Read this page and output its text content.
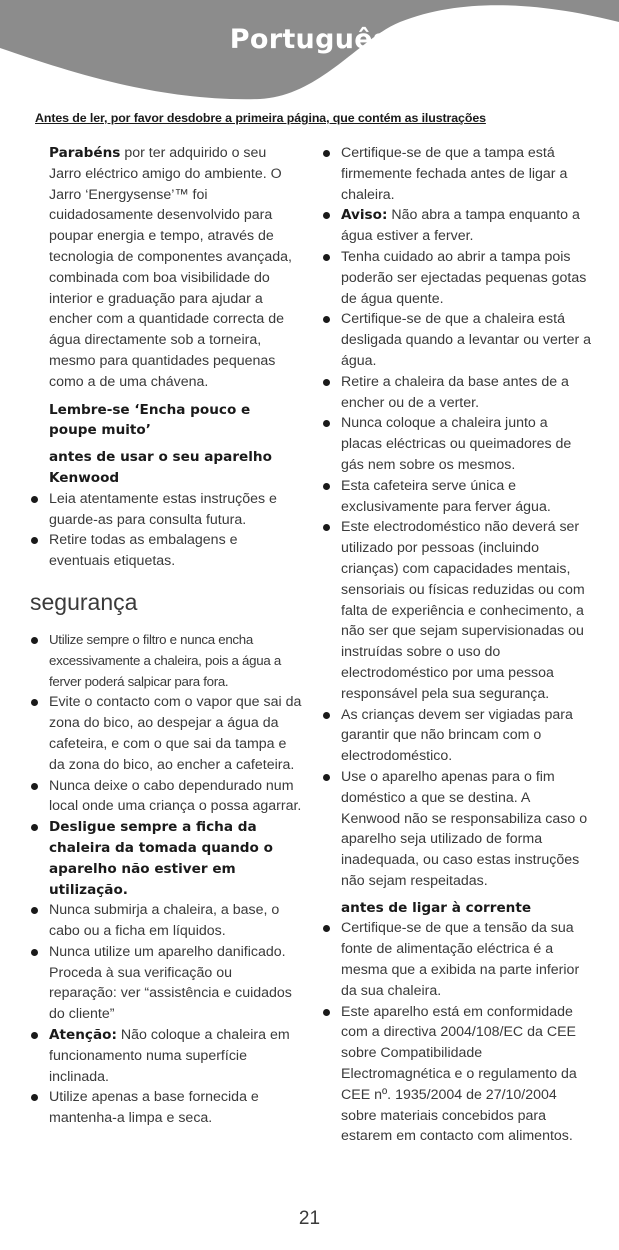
Português
Antes de ler, por favor desdobre a primeira página, que contém as ilustrações

Parabéns por ter adquirido o seu Jarro eléctrico amigo do ambiente. O Jarro ‘Energysense’™ foi cuidadosamente desenvolvido para poupar energia e tempo, através de tecnologia de componentes avançada, combinada com boa visibilidade do interior e graduação para ajudar a encher com a quantidade correcta de água directamente sob a torneira, mesmo para quantidades pequenas como a de uma chávena.

Lembre-se ‘Encha pouco e poupe muito’
antes de usar o seu aparelho Kenwood
Leia atentamente estas instruções e guarde-as para consulta futura.
Retire todas as embalagens e eventuais etiquetas.
segurança
Utilize sempre o filtro e nunca encha excessivamente a chaleira, pois a água a ferver poderá salpicar para fora.
Evite o contacto com o vapor que sai da zona do bico, ao despejar a água da cafeteira, e com o que sai da tampa e da zona do bico, ao encher a cafeteira.
Nunca deixe o cabo dependurado num local onde uma criança o possa agarrar.
Desligue sempre a ficha da chaleira da tomada quando o aparelho não estiver em utilização.
Nunca submirja a chaleira, a base, o cabo ou a ficha em líquidos.
Nunca utilize um aparelho danificado. Proceda à sua verificação ou reparação: ver “assistência e cuidados do cliente”
Atenção: Não coloque a chaleira em funcionamento numa superfície inclinada.
Utilize apenas a base fornecida e mantenha-a limpa e seca.
Certifique-se de que a tampa está firmemente fechada antes de ligar a chaleira.
Aviso: Não abra a tampa enquanto a água estiver a ferver.
Tenha cuidado ao abrir a tampa pois poderão ser ejectadas pequenas gotas de água quente.
Certifique-se de que a chaleira está desligada quando a levantar ou verter a água.
Retire a chaleira da base antes de a encher ou de a verter.
Nunca coloque a chaleira junto a placas eléctricas ou queimadores de gás nem sobre os mesmos.
Esta cafeteira serve única e exclusivamente para ferver água.
Este electrodoméstico não deverá ser utilizado por pessoas (incluindo crianças) com capacidades mentais, sensoriais ou físicas reduzidas ou com falta de experiência e conhecimento, a não ser que sejam supervisionadas ou instruídas sobre o uso do electrodoméstico por uma pessoa responsável pela sua segurança.
As crianças devem ser vigiadas para garantir que não brincam com o electrodoméstico.
Use o aparelho apenas para o fim doméstico a que se destina. A Kenwood não se responsabiliza caso o aparelho seja utilizado de forma inadequada, ou caso estas instruções não sejam respeitadas.
antes de ligar à corrente
Certifique-se de que a tensão da sua fonte de alimentação eléctrica é a mesma que a exibida na parte inferior da sua chaleira.
Este aparelho está em conformidade com a directiva 2004/108/EC da CEE sobre Compatibilidade Electromagnética e o regulamento da CEE nº. 1935/2004 de 27/10/2004 sobre materiais concebidos para estarem em contacto com alimentos.
21
